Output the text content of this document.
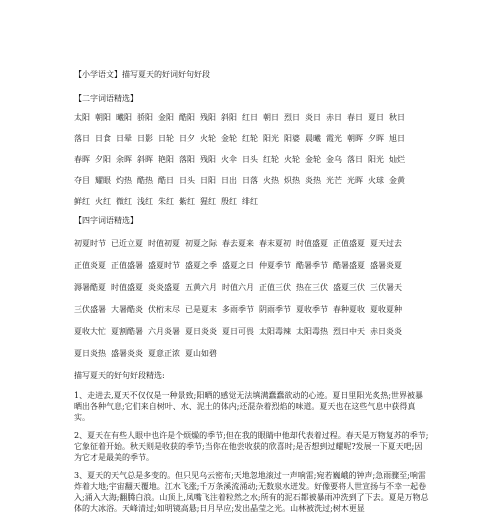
【小学语文】描写夏天的好词好句好段

【二字词语精选】

太阳 朝阳 曦阳 骄阳 金阳 酷阳 残阳 斜阳 红日 朝日 烈日 炎日 赤日 春日 夏日 秋日

落日 日食 日晕 日影 日轮 日夕 火轮 金轮 红轮 阳光 阳婆 晨曦 霞光 朝晖 夕晖 旭日

春晖 夕阳 余晖 斜晖 艳阳 落阳 残阳 火伞 日头 红轮 火轮 金轮 金乌 落日 阳光 灿烂

夺目 耀眼 灼热 酷热 酷日 日头 日阳 日出 日落 火热 炽热 炎热 光芒 光晖 火球 金黄

鲜红 火红 微红 浅红 朱红 紫红 猩红 殷红 绯红

【四字词语精选】

初夏时节 已近立夏 时值初夏 初夏之际 春去夏来 春末夏初 时值盛夏 正值盛夏 夏天过去

正值炎夏 正值盛暑 盛夏时节 盛夏之季 盛夏之日 仲夏季节 酷暑季节 酷暑盛夏 盛暑炎夏

溽暑酷夏 时值盛夏 炎炎盛夏 五黄六月 时值六月 正值三伏 热在三伏 盛夏三伏 三伏暑天

三伏盛暑 大暑酷炎 伏桁末尽 已是夏末 多雨季节 阴雨季节 夏收季节 春种夏收 夏收夏种

夏收大忙 夏割酷暑 六月炎暑 夏日炎炎 夏日可畏 太阳毒辣 太阳毒热 烈日中天 赤日炎炎

夏日炎热 盛暑炎炎 夏意正浓 夏山如碧

描写夏天的好句好段精选:

1、走进去,夏天不仅仅是一种景致;阳晒的感觉无法填满蠢蠢欲动的心迹。夏日里阳光炙热;世界被暴晒出各种气息;它们来自树叶、水、泥土的体内;还混杂着烈焰的味道。夏天也在这些气息中获得真实。

2、夏天在有些人眼中也许是个烦燥的季节;但在我的眼睛中他却代表着过程。春天是万物复苏的季节;它象征着开始。秋天则是收获的季节;当你在他尝收获的欣喜时;是否想到过耀呢?发展一下夏天吧;因为它才是最美的季节。

3、夏天的天气总是多变的。但只见乌云密布;天地忽地滚过一声响雷;宛若巍峨的钟声;急雨骤至;响雷炸着大地;宇宙翻天覆地。江水飞涨;千万条溪流涌动;无数泉水迸发。好像要将人世宣扬与不幸一起卷入;涌入大海;翻腾白浪。山顶上,凤嘴飞注着粒然之水;所有的泥石都被暴雨冲洗到了下去。夏是万物总体的大冰浴。天峰清过;如明镜高悬;日月早应;发出晶莹之光。山林被洗过;树木更显
